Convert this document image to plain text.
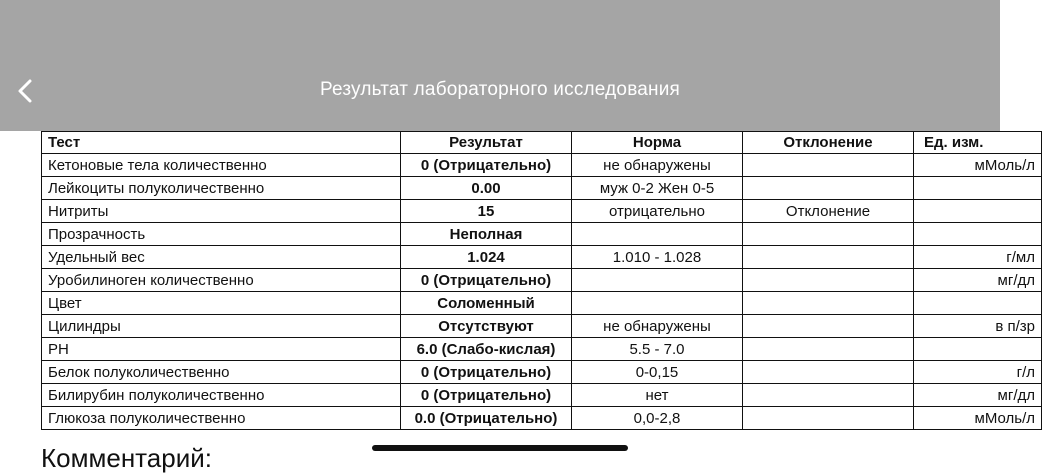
Результат лабораторного исследования
Тест	Результат	Норма	Отклонение	Ед. изм.
Кетоновые тела количественно	0 (Отрицательно)	не обнаружены		мМоль/л
Лейкоциты полуколичественно	0.00	муж 0-2 Жен 0-5		
Нитриты	15	отрицательно	Отклонение	
Прозрачность	Неполная			
Удельный вес	1.024	1.010 - 1.028		г/мл
Уробилиноген количественно	0 (Отрицательно)			мг/дл
Цвет	Соломенный			
Цилиндры	Отсутствуют	не обнаружены		в п/зр
PH	6.0 (Слабо-кислая)	5.5 - 7.0		
Белок полуколичественно	0 (Отрицательно)	0-0,15		г/л
Билирубин полуколичественно	0 (Отрицательно)	нет		мг/дл
Глюкоза полуколичественно	0.0 (Отрицательно)	0,0-2,8		мМоль/л
Комментарий:
